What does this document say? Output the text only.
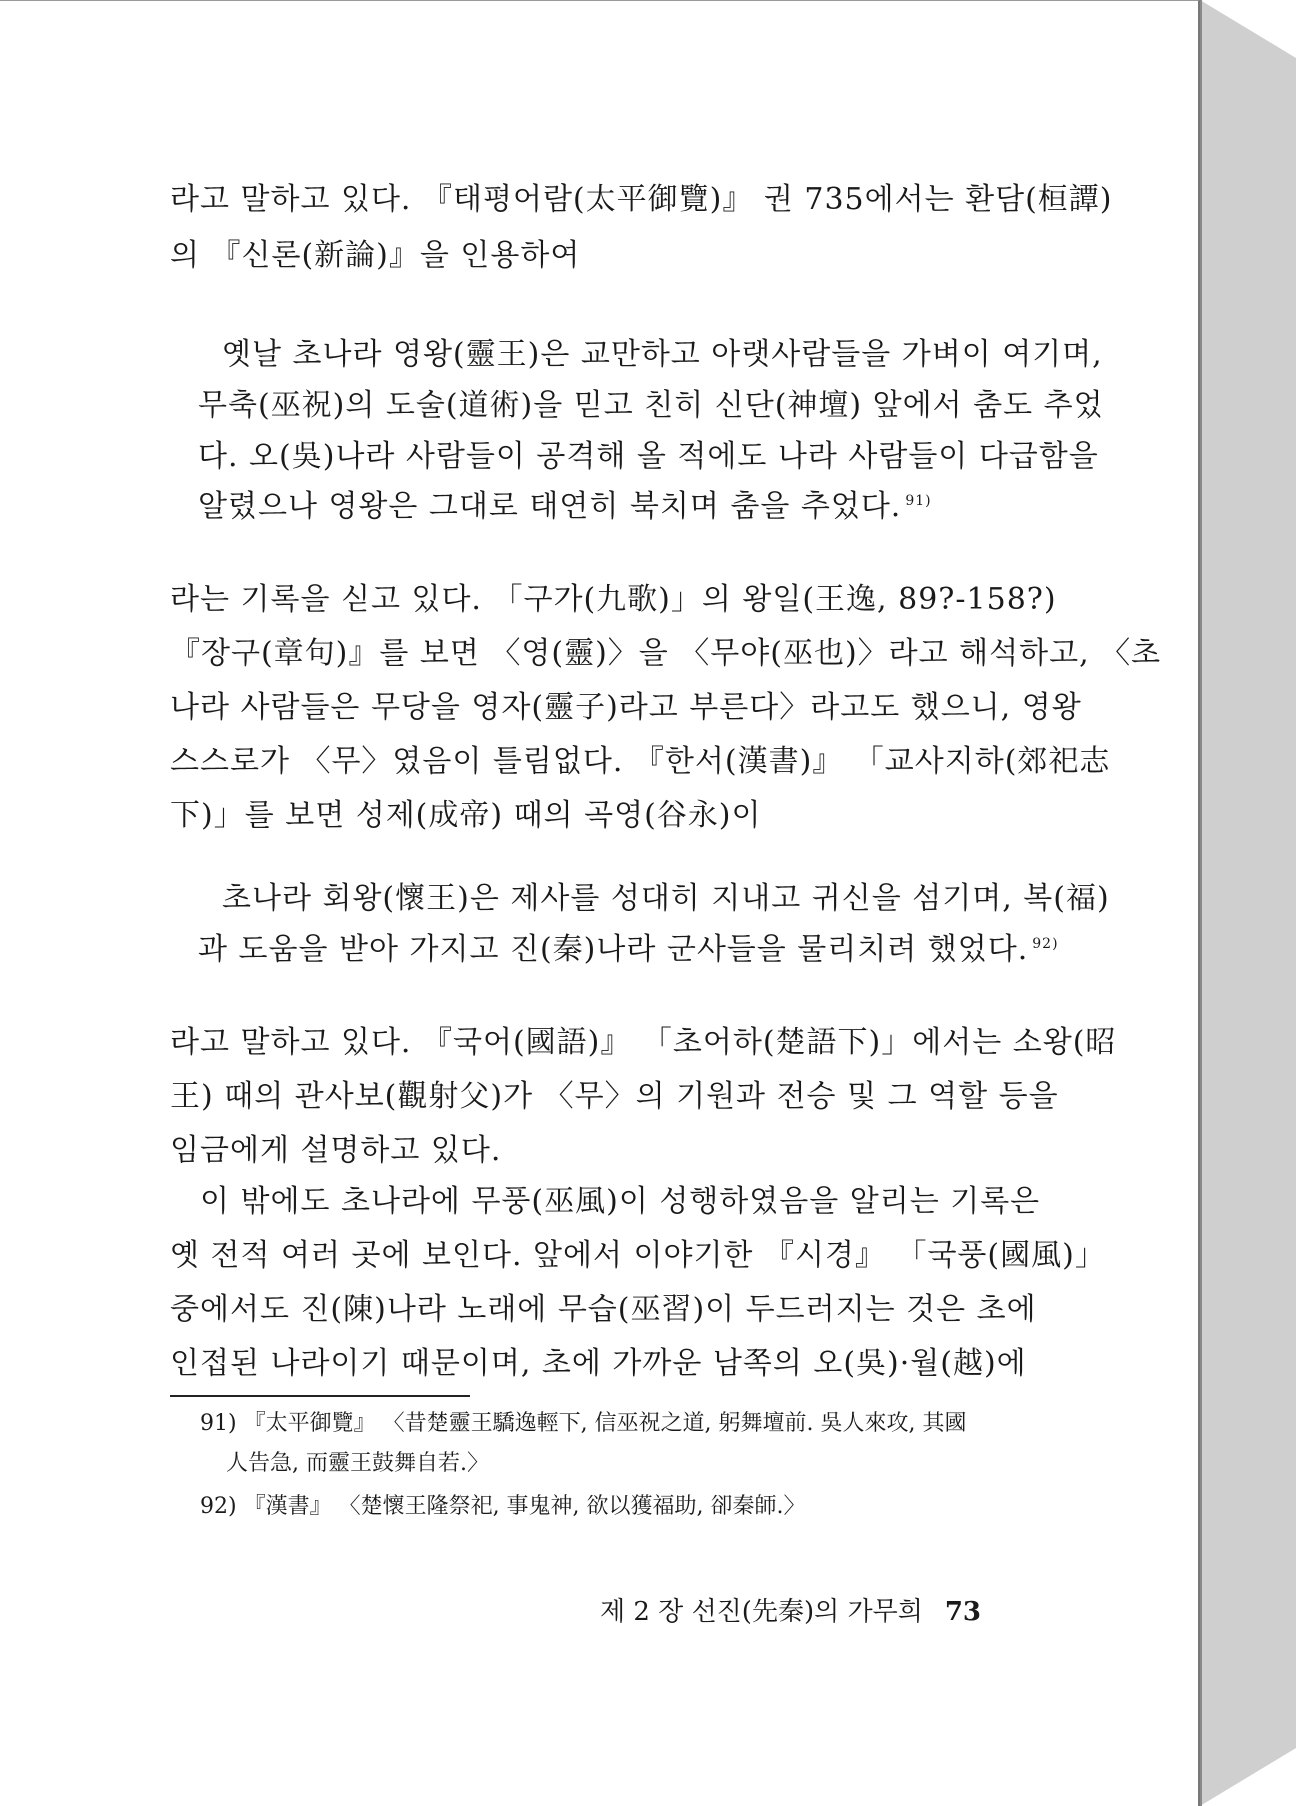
라고 말하고 있다. 『태평어람(太平御覽)』 권 735에서는 환담(桓譚)
의 『신론(新論)』을 인용하여
옛날 초나라 영왕(靈王)은 교만하고 아랫사람들을 가벼이 여기며,
무축(巫祝)의 도술(道術)을 믿고 친히 신단(神壇) 앞에서 춤도 추었
다. 오(吳)나라 사람들이 공격해 올 적에도 나라 사람들이 다급함을
알렸으나 영왕은 그대로 태연히 북치며 춤을 추었다. $^{91)}$
라는 기록을 싣고 있다. 「구가(九歌)」의 왕일(王逸, 89?-158?)
『장구(章句)』를 보면 〈영(靈)〉을 〈무야(巫也)〉라고 해석하고, 〈초
나라 사람들은 무당을 영자(靈子)라고 부른다〉라고도 했으니, 영왕
스스로가 〈무〉였음이 틀림없다. 『한서(漢書)』 「교사지하(郊祀志
下)」를 보면 성제(成帝) 때의 곡영(谷永)이
초나라 회왕(懷王)은 제사를 성대히 지내고 귀신을 섬기며, 복(福)
과 도움을 받아 가지고 진(秦)나라 군사들을 물리치려 했었다. $^{92)}$
라고 말하고 있다. 『국어(國語)』 「초어하(楚語下)」에서는 소왕(昭
王) 때의 관사보(觀射父)가 〈무〉의 기원과 전승 및 그 역할 등을
임금에게 설명하고 있다.
이 밖에도 초나라에 무풍(巫風)이 성행하였음을 알리는 기록은
옛 전적 여러 곳에 보인다. 앞에서 이야기한 『시경』 「국풍(國風)」
중에서도 진(陳)나라 노래에 무습(巫習)이 두드러지는 것은 초에
인접된 나라이기 때문이며, 초에 가까운 남쪽의 오(吳)·월(越)에
91) 『太平御覽』 〈昔楚靈王驕逸輕下, 信巫祝之道, 躬舞壇前. 吳人來攻, 其國
人告急, 而靈王鼓舞自若.〉
92) 『漢書』 〈楚懷王隆祭祀, 事鬼神, 欲以獲福助, 卻秦師.〉
제 2 장 선진(先秦)의 가무희 73
